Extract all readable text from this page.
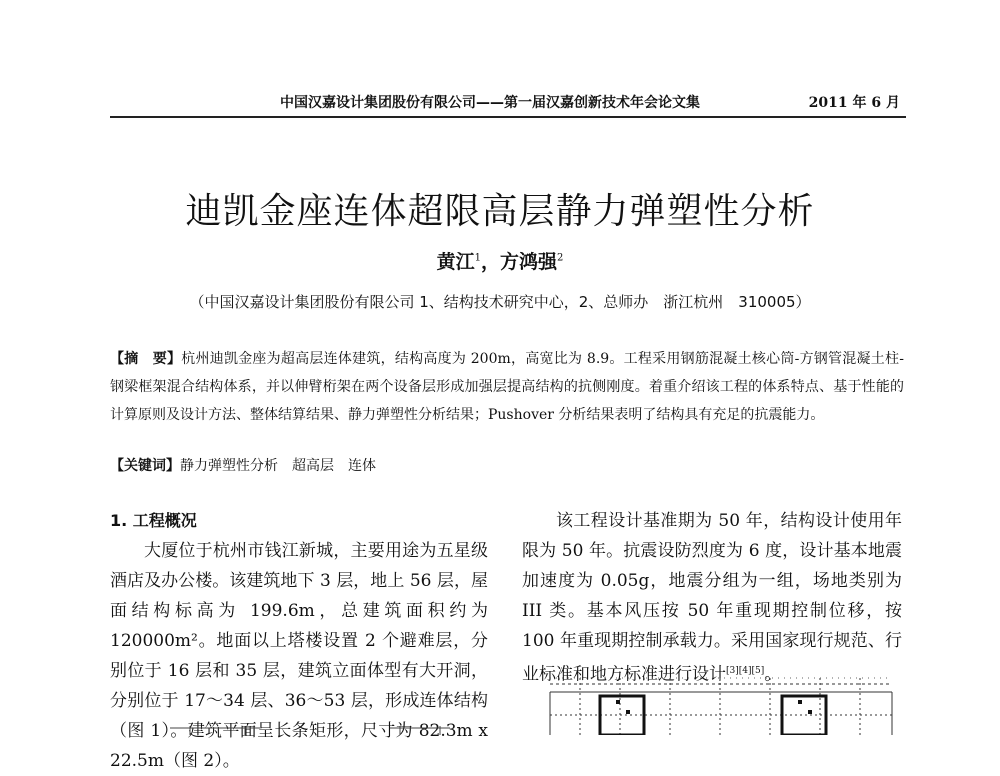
中国汉嘉设计集团股份有限公司——第一届汉嘉创新技术年会论文集	2011 年 6 月
迪凯金座连体超限高层静力弹塑性分析
黄江$^1$，方鸿强$^2$
（中国汉嘉设计集团股份有限公司 1、结构技术研究中心，2、总师办　浙江杭州　310005）
【摘　要】杭州迪凯金座为超高层连体建筑，结构高度为 200m，高宽比为 8.9。工程采用钢筋混凝土核心筒-方钢管混凝土柱-钢梁框架混合结构体系，并以伸臂桁架在两个设备层形成加强层提高结构的抗侧刚度。着重介绍该工程的体系特点、基于性能的计算原则及设计方法、整体结算结果、静力弹塑性分析结果；Pushover 分析结果表明了结构具有充足的抗震能力。
【关键词】静力弹塑性分析　超高层　连体
1. 工程概况

大厦位于杭州市钱江新城，主要用途为五星级酒店及办公楼。该建筑地下 3 层，地上 56 层，屋面结构标高为 199.6m，总建筑面积约为 120000m²。地面以上塔楼设置 2 个避难层，分别位于 16 层和 35 层，建筑立面体型有大开洞，分别位于 17～34 层、36～53 层，形成连体结构（图 1）。建筑平面呈长条矩形，尺寸为 82.3m x 22.5m（图 2）。

该工程设计基准期为 50 年，结构设计使用年限为 50 年。抗震设防烈度为 6 度，设计基本地震加速度为 0.05g，地震分组为一组，场地类别为 III 类。基本风压按 50 年重现期控制位移，按 100 年重现期控制承载力。采用国家现行规范、行业标准和地方标准进行设计[3][4][5]。
